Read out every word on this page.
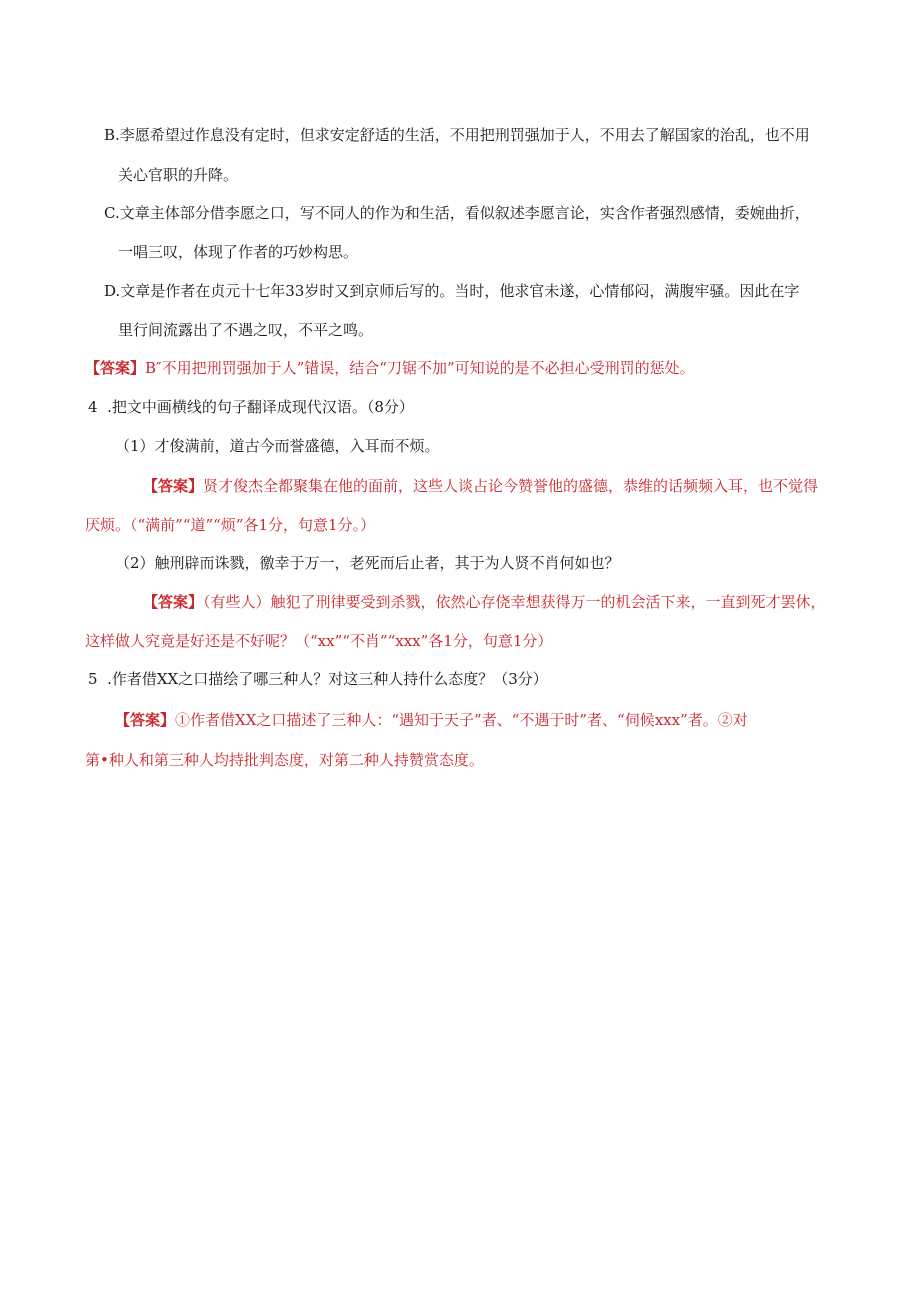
B.李愿希望过作息没有定时，但求安定舒适的生活，不用把刑罚强加于人，不用去了解国家的治乱，也不用
关心官职的升降。
C.文章主体部分借李愿之口，写不同人的作为和生活，看似叙述李愿言论，实含作者强烈感情，委婉曲折，
一唱三叹，体现了作者的巧妙构思。
D.文章是作者在贞元十七年33岁时又到京师后写的。当时，他求官未遂，心情郁闷，满腹牢骚。因此在字
里行间流露出了不遇之叹，不平之鸣。
【答案】B″不用把刑罚强加于人”错误，结合“刀锯不加”可知说的是不必担心受刑罚的惩处。
4  .把文中画横线的句子翻译成现代汉语。（8分）
（1）才俊满前，道古今而誉盛德，入耳而不烦。
【答案】贤才俊杰全都聚集在他的面前，这些人谈占论今赞誉他的盛德，恭维的话频频入耳，也不觉得
厌烦。（“满前”“道”“烦”各1分，句意1分。）
（2）触刑辟而诛戮，徼幸于万一，老死而后止者，其于为人贤不肖何如也？
【答案】（有些人）触犯了刑律要受到杀戮，依然心存侥幸想获得万一的机会活下来，一直到死才罢休，
这样做人究竟是好还是不好呢？（“xx”“不肖”“xxx”各1分，句意1分）
5  .作者借XX之口描绘了哪三种人？对这三种人持什么态度？（3分）
【答案】①作者借XX之口描述了三种人：“遇知于天子”者、“不遇于时”者、“伺候xxx”者。②对
第•种人和第三种人均持批判态度，对第二种人持赞赏态度。
